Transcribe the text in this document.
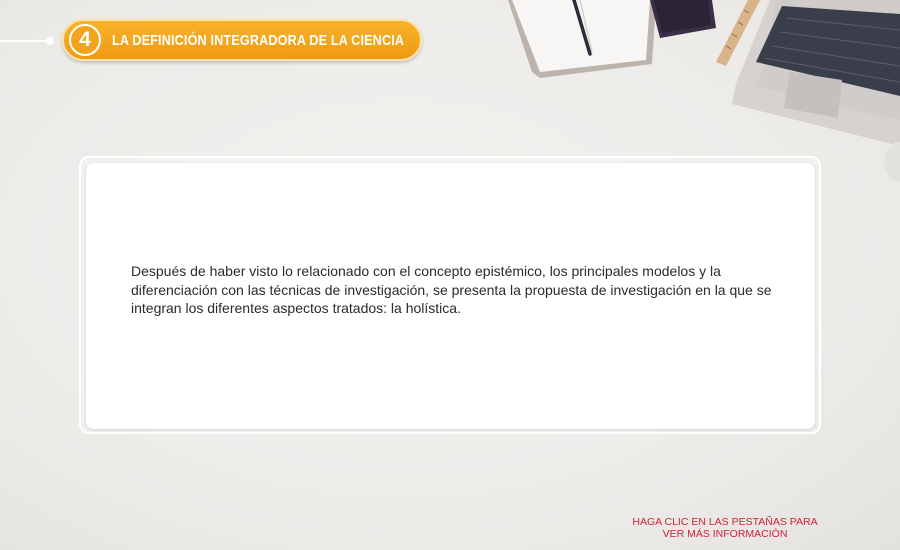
4	LA DEFINICIÓN INTEGRADORA DE LA CIENCIA
Después de haber visto lo relacionado con el concepto epistémico, los principales modelos y la diferenciación con las técnicas de investigación, se presenta la propuesta de investigación en la que se integran los diferentes aspectos tratados: la holística.
HAGA CLIC EN LAS PESTAÑAS PARA
VER MÁS INFORMACIÓN
